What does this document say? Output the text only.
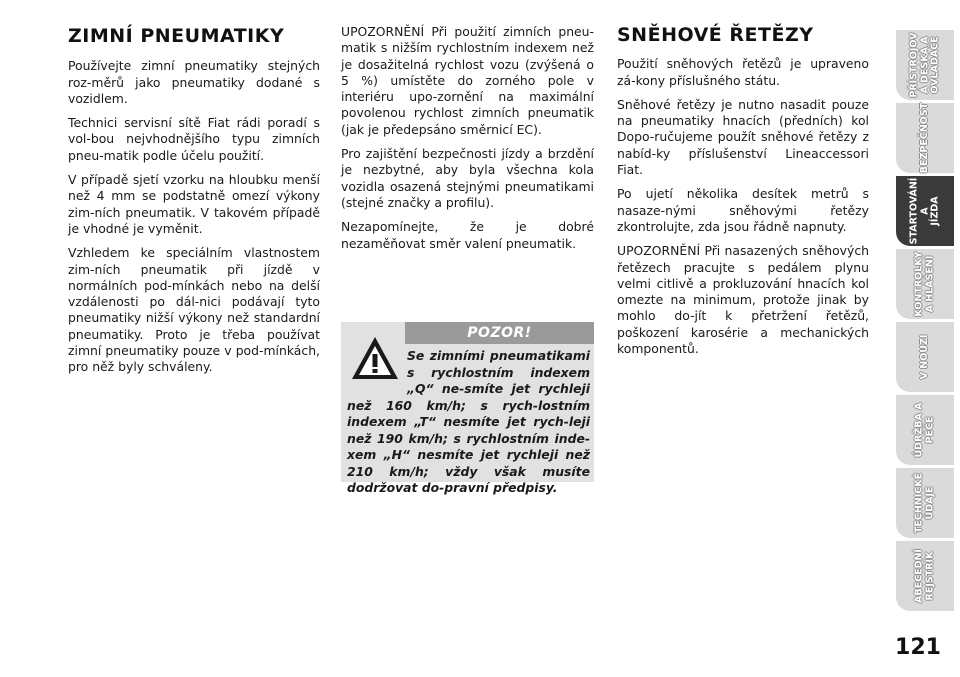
ZIMNÍ PNEUMATIKY

Používejte zimní pneumatiky stejných roz-měrů jako pneumatiky dodané s vozidlem.

Technici servisní sítě Fiat rádi poradí s vol-bou nejvhodnějšího typu zimních pneu-matik podle účelu použití.

V případě sjetí vzorku na hloubku menší než 4 mm se podstatně omezí výkony zim-ních pneumatik. V takovém případě je vhodné je vyměnit.

Vzhledem ke speciálním vlastnostem zim-ních pneumatik při jízdě v normálních pod-mínkách nebo na delší vzdálenosti po dál-nici podávají tyto pneumatiky nižší výkony než standardní pneumatiky. Proto je třeba používat zimní pneumatiky pouze v pod-mínkách, pro něž byly schváleny.

UPOZORNĚNÍ Při použití zimních pneu-matik s nižším rychlostním indexem než je dosažitelná rychlost vozu (zvýšená o 5 %) umístěte do zorného pole v interiéru upo-zornění na maximální povolenou rychlost zimních pneumatik (jak je předepsáno směrnicí EC).

Pro zajištění bezpečnosti jízdy a brzdění je nezbytné, aby byla všechna kola vozidla osazená stejnými pneumatikami (stejné značky a profilu).

Nezapomínejte, že je dobré nezaměňovat směr valení pneumatik.

POZOR!

Se zimními pneumatikami s rychlostním indexem „Q“ ne-smíte jet rychleji než 160 km/h; s rych-lostním indexem „T“ nesmíte jet rych-leji než 190 km/h; s rychlostním inde-xem „H“ nesmíte jet rychleji než 210 km/h; vždy však musíte dodržovat do-pravní předpisy.

SNĚHOVÉ ŘETĚZY

Použití sněhových řetězů je upraveno zá-kony příslušného státu.

Sněhové řetězy je nutno nasadit pouze na pneumatiky hnacích (předních) kol Dopo-ručujeme použít sněhové řetězy z nabíd-ky příslušenství Lineaccessori Fiat.

Po ujetí několika desítek metrů s nasaze-nými sněhovými řetězy zkontrolujte, zda jsou řádně napnuty.

UPOZORNĚNÍ Při nasazených sněhových řetězech pracujte s pedálem plynu velmi citlivě a prokluzování hnacích kol omezte na minimum, protože jinak by mohlo do-jít k přetržení řetězů, poškození karosérie a mechanických komponentů.

PŘÍSTROJOV
Á DESKA A
OVLADAČE
BEZPEČNOST
STARTOVÁNÍ A
JÍZDA
KONTROLKY
A HLÁŠENÍ
V NOUZI
ÚDRŽBA A
PÉČE
TECHNICKÉ
ÚDAJE
ABECEDNÍ
REJSTŘÍK
121
